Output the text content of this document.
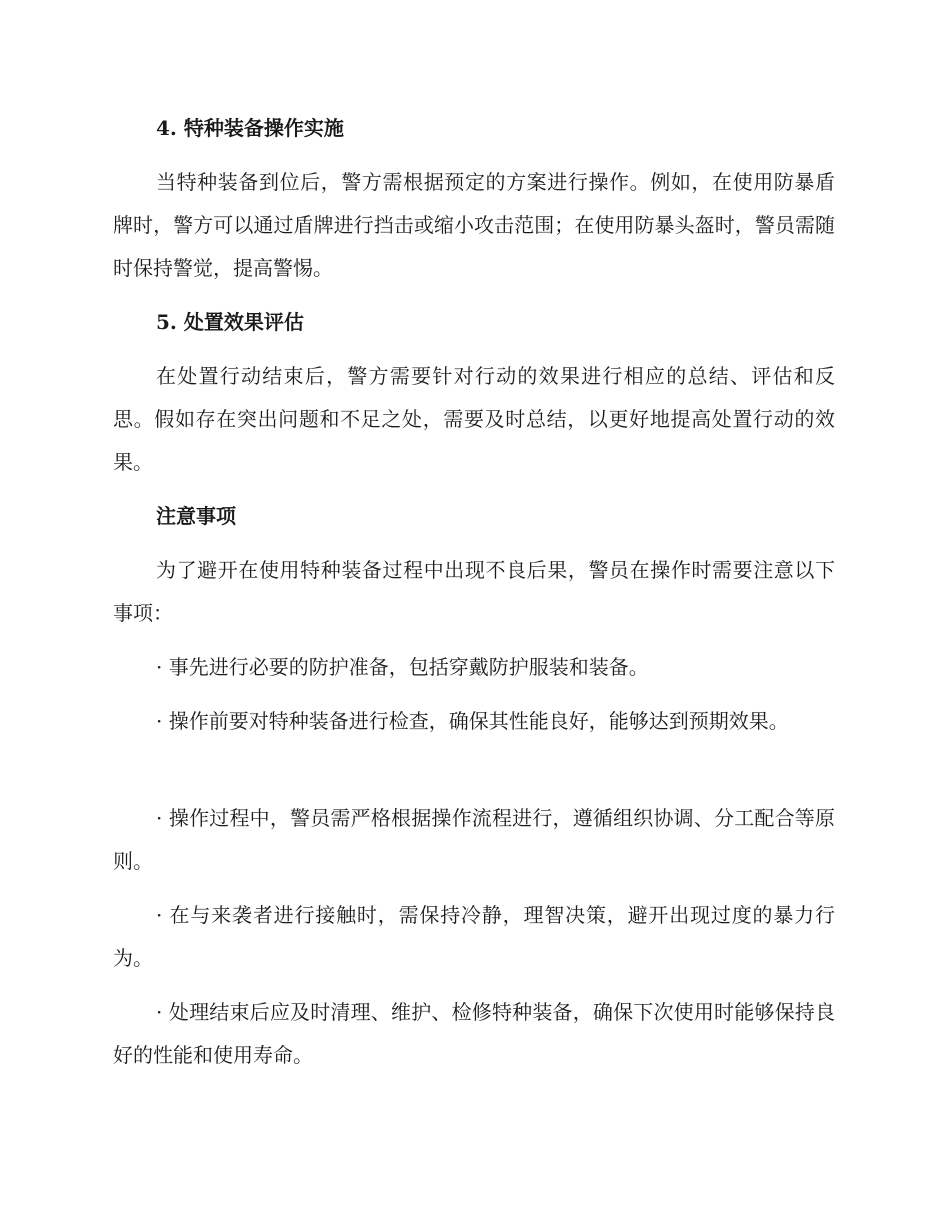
4. 特种装备操作实施
当特种装备到位后，警方需根据预定的方案进行操作。例如，在使用防暴盾牌时，警方可以通过盾牌进行挡击或缩小攻击范围；在使用防暴头盔时，警员需随时保持警觉，提高警惕。
5. 处置效果评估
在处置行动结束后，警方需要针对行动的效果进行相应的总结、评估和反思。假如存在突出问题和不足之处，需要及时总结，以更好地提高处置行动的效果。
注意事项
为了避开在使用特种装备过程中出现不良后果，警员在操作时需要注意以下事项：
· 事先进行必要的防护准备，包括穿戴防护服装和装备。
· 操作前要对特种装备进行检查，确保其性能良好，能够达到预期效果。
· 操作过程中，警员需严格根据操作流程进行，遵循组织协调、分工配合等原则。
· 在与来袭者进行接触时，需保持冷静，理智决策，避开出现过度的暴力行为。
· 处理结束后应及时清理、维护、检修特种装备，确保下次使用时能够保持良好的性能和使用寿命。
